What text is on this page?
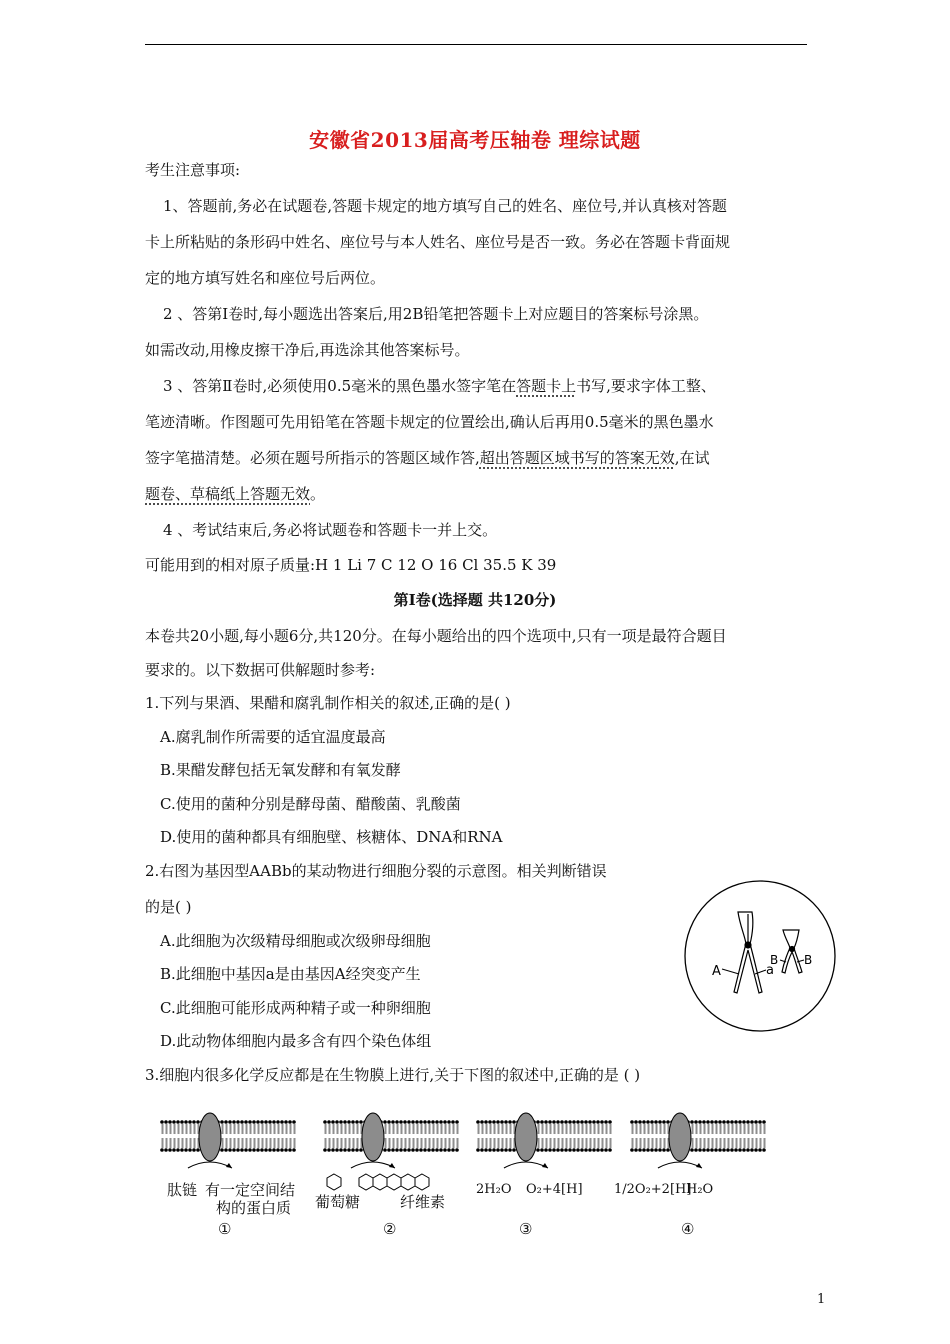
安徽省2013届高考压轴卷 理综试题
考生注意事项:
1、答题前,务必在试题卷,答题卡规定的地方填写自己的姓名、座位号,并认真核对答题
卡上所粘贴的条形码中姓名、座位号与本人姓名、座位号是否一致。务必在答题卡背面规
定的地方填写姓名和座位号后两位。
2 、答第Ⅰ卷时,每小题选出答案后,用2B铅笔把答题卡上对应题目的答案标号涂黑。
如需改动,用橡皮擦干净后,再选涂其他答案标号。
3 、答第Ⅱ卷时,必须使用0.5毫米的黑色墨水签字笔在答题卡上书写,要求字体工整、
笔迹清晰。作图题可先用铅笔在答题卡规定的位置绘出,确认后再用0.5毫米的黑色墨水
签字笔描清楚。必须在题号所指示的答题区域作答,超出答题区域书写的答案无效,在试
题卷、草稿纸上答题无效。
4 、考试结束后,务必将试题卷和答题卡一并上交。
可能用到的相对原子质量:H 1 Li 7 C 12 O 16 Cl 35.5 K 39
第Ⅰ卷(选择题 共120分)
本卷共20小题,每小题6分,共120分。在每小题给出的四个选项中,只有一项是最符合题目
要求的。以下数据可供解题时参考:
1.下列与果酒、果醋和腐乳制作相关的叙述,正确的是( )
A.腐乳制作所需要的适宜温度最高
B.果醋发酵包括无氧发酵和有氧发酵
C.使用的菌种分别是酵母菌、醋酸菌、乳酸菌
D.使用的菌种都具有细胞壁、核糖体、DNA和RNA
2.右图为基因型AABb的某动物进行细胞分裂的示意图。相关判断错误
的是( )
A.此细胞为次级精母细胞或次级卵母细胞
B.此细胞中基因a是由基因A经突变产生
C.此细胞可能形成两种精子或一种卵细胞
D.此动物体细胞内最多含有四个染色体组
A	a
B B
3.细胞内很多化学反应都是在生物膜上进行,关于下图的叙述中,正确的是 ( )
肽链 有一定空间结
构的蛋白质
①
葡萄糖	纤维素
②
2H₂O O₂+4[H]
③
1/2O₂+2[H]
H₂O
④
1
